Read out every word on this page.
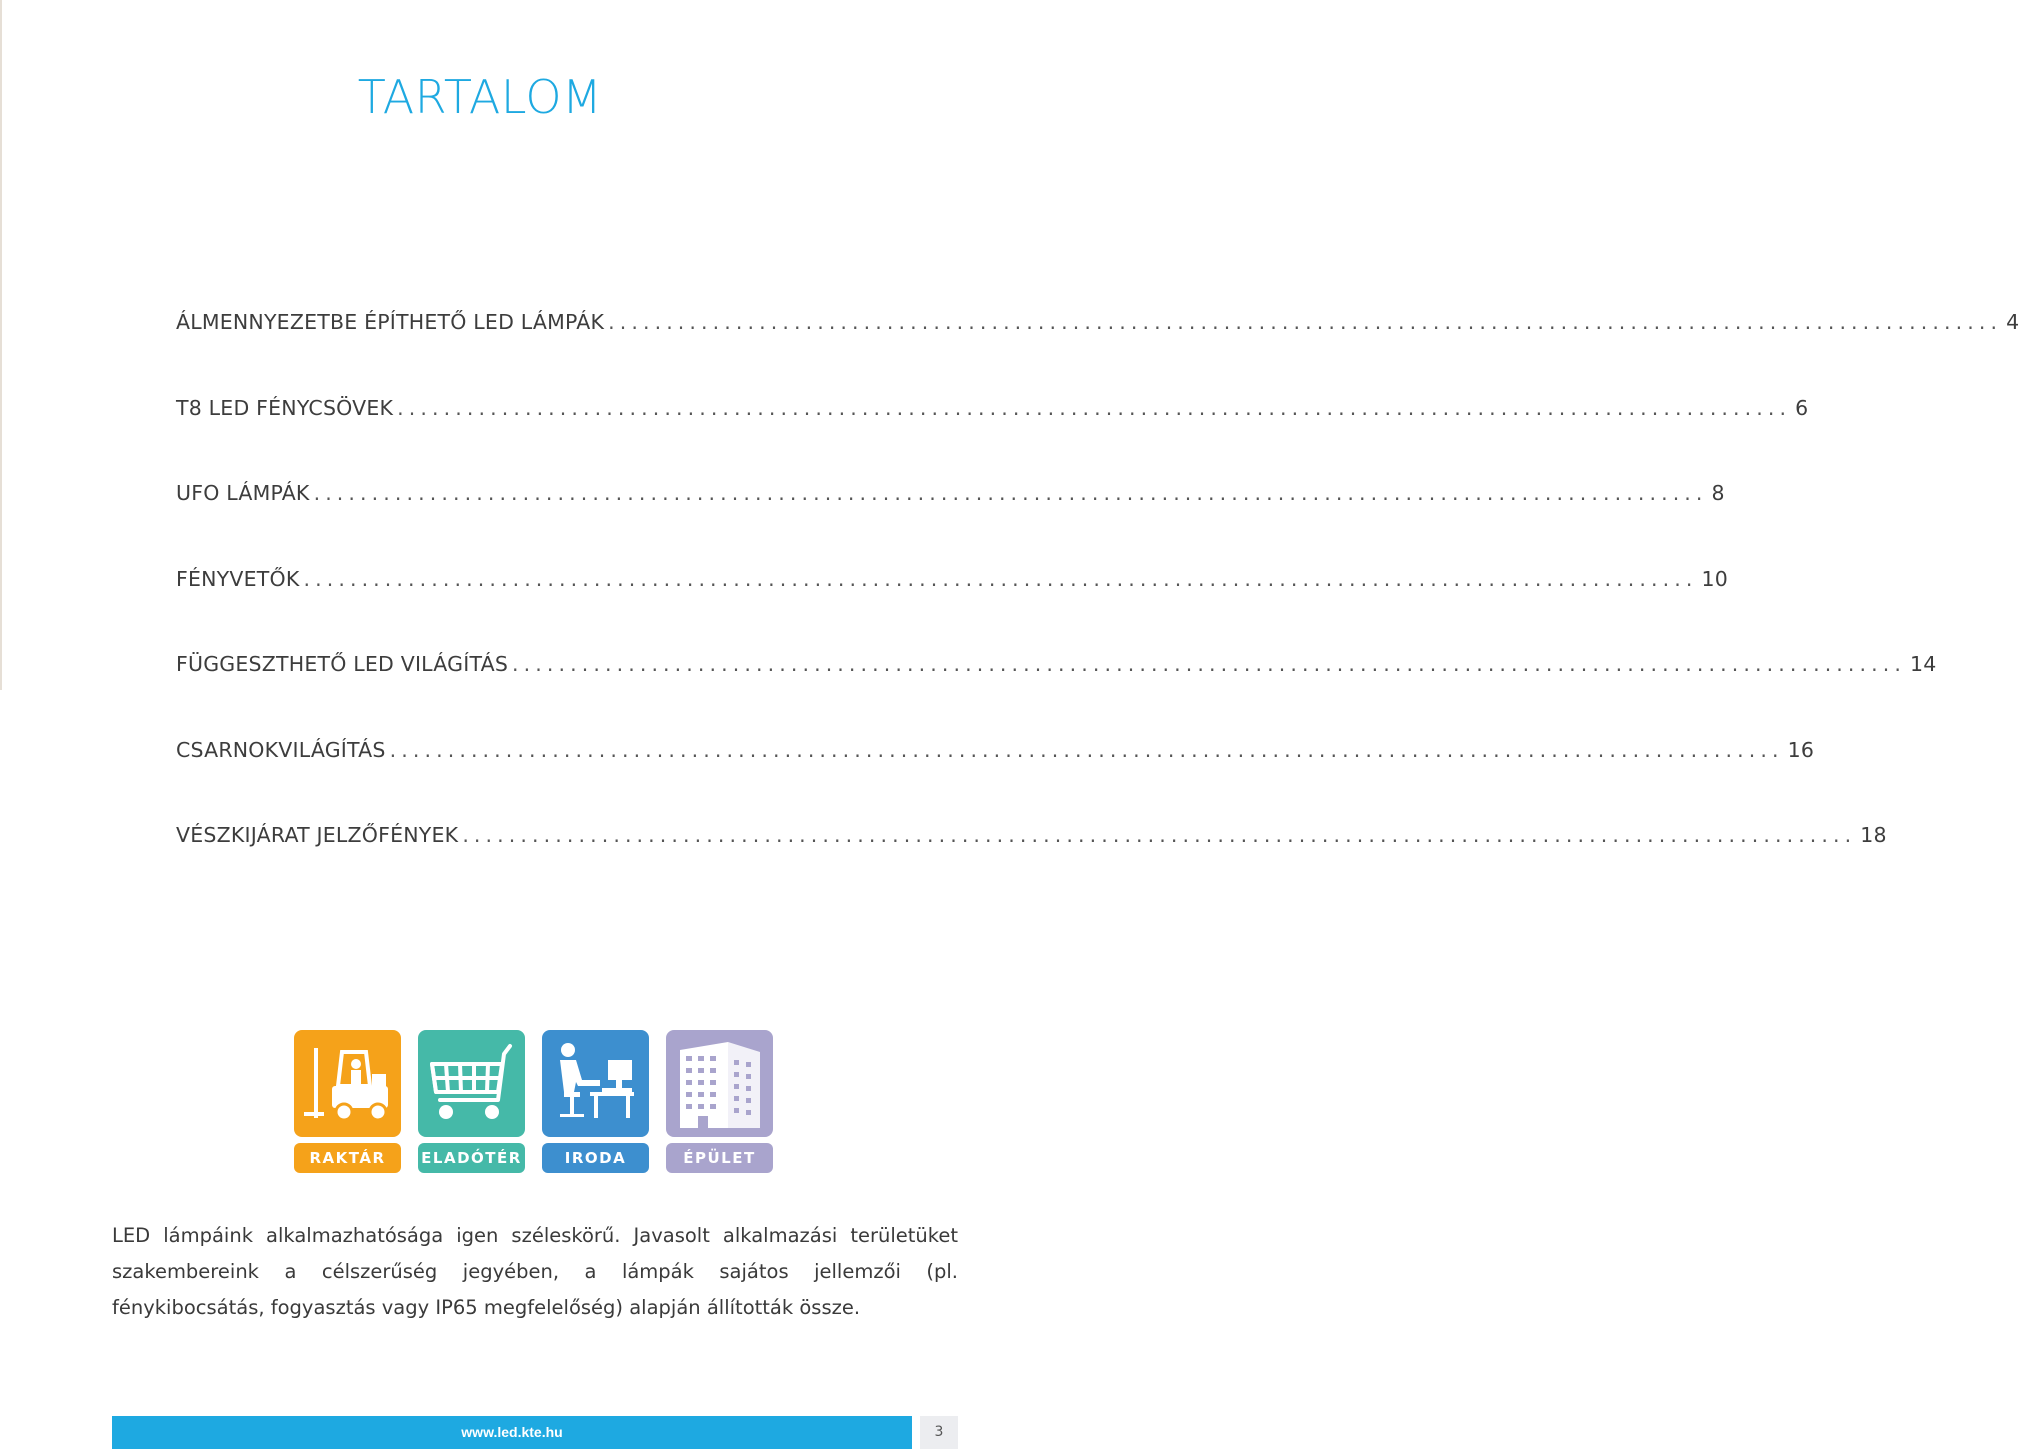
TARTALOM
ÁLMENNYEZETBE ÉPÍTHETŐ LED LÁMPÁK ........................................................................................................................ 4
T8 LED FÉNYCSÖVEK ........................................................................................................................ 6
UFO LÁMPÁK ........................................................................................................................ 8
FÉNYVETŐK ........................................................................................................................ 10
FÜGGESZTHETŐ LED VILÁGÍTÁS ........................................................................................................................ 14
CSARNOKVILÁGÍTÁS ........................................................................................................................ 16
VÉSZKIJÁRAT JELZŐFÉNYEK ........................................................................................................................ 18
RAKTÁR	ELADÓTÉR	IRODA	ÉPÜLET

LED lámpáink alkalmazhatósága igen széleskörű. Javasolt alkalmazási területüket szakembereink a célszerűség jegyében, a lámpák sajátos jellemzői (pl. fénykibocsátás, fogyasztás vagy IP65 megfelelőség) alapján állították össze.

www.led.kte.hu	3
